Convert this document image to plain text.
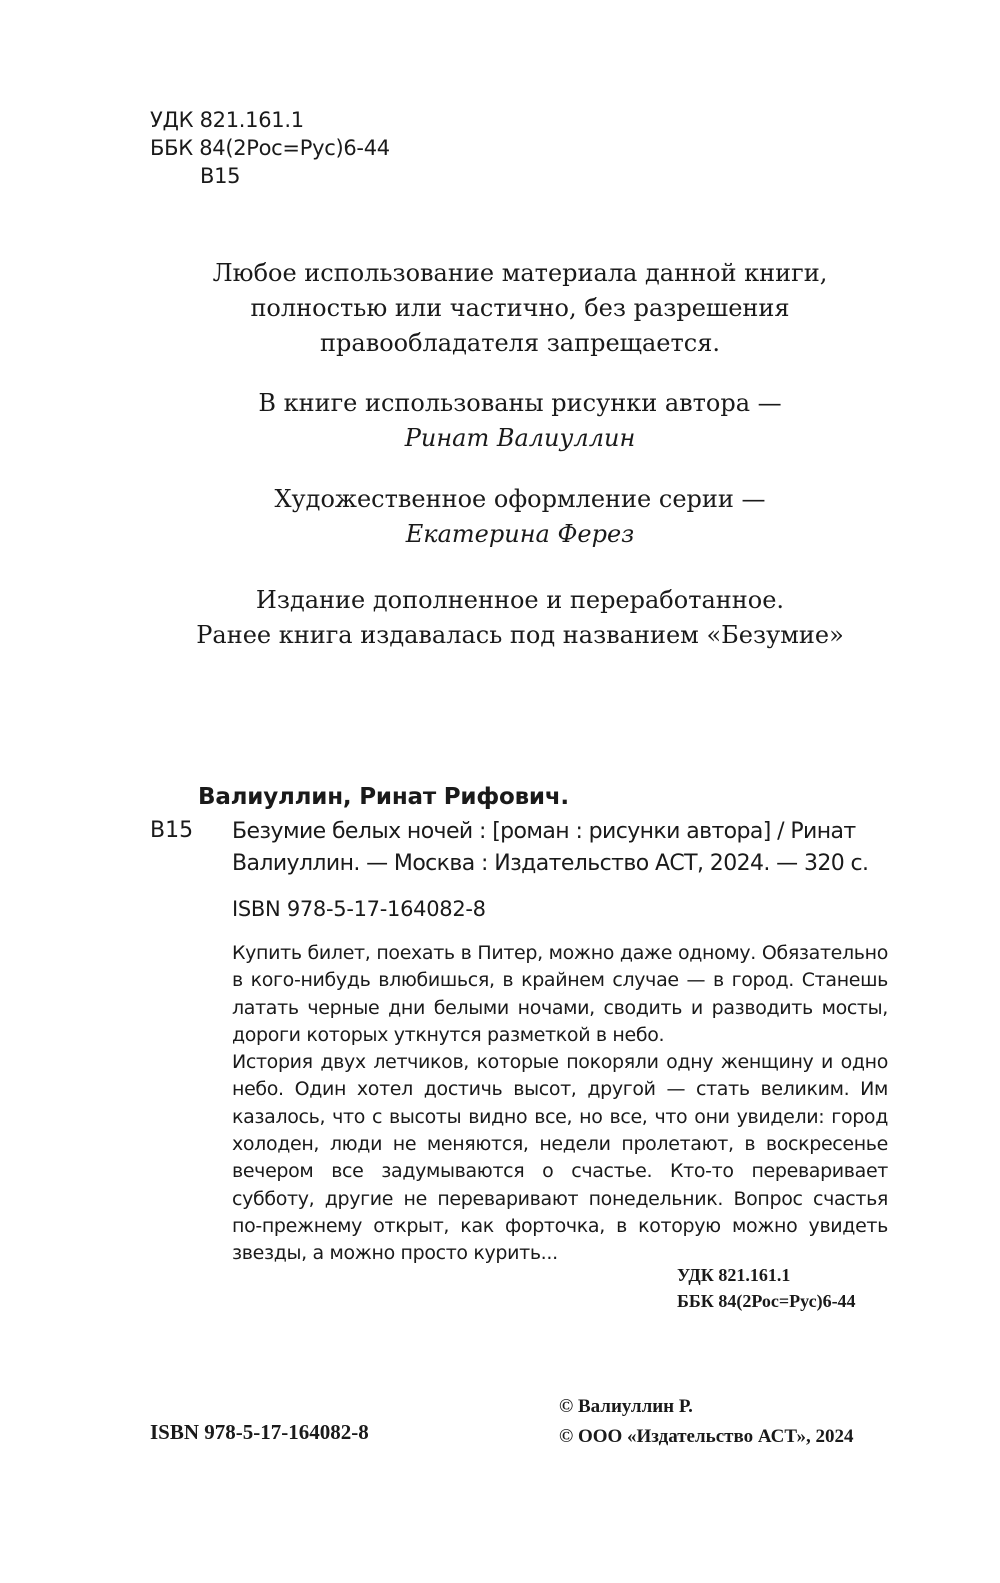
УДК 821.161.1
ББК 84(2Рос=Рус)6-44
В15
Любое использование материала данной книги,
полностью или частично, без разрешения
правообладателя запрещается.
В книге использованы рисунки автора —
Ринат Валиуллин
Художественное оформление серии —
Екатерина Ферез
Издание дополненное и переработанное.
Ранее книга издавалась под названием «Безумие»
Валиуллин, Ринат Рифович.
В15 Безумие белых ночей : [роман : рисунки автора] / Ринат Валиуллин. — Москва : Издательство АСТ, 2024. — 320 с.
ISBN 978-5-17-164082-8

Купить билет, поехать в Питер, можно даже одному. Обязательно в кого-нибудь влюбишься, в крайнем случае — в город. Станешь латать черные дни белыми ночами, сводить и разводить мосты, дороги которых уткнутся разметкой в небо.

История двух летчиков, которые покоряли одну женщину и одно небо. Один хотел достичь высот, другой — стать великим. Им казалось, что с высоты видно все, но все, что они увидели: город холоден, люди не меняются, недели пролетают, в воскресенье вечером все задумываются о счастье. Кто-то переваривает субботу, другие не переваривают понедельник. Вопрос счастья по-прежнему открыт, как форточка, в которую можно увидеть звезды, а можно просто курить...

УДК 821.161.1
ББК 84(2Рос=Рус)6-44
ISBN 978-5-17-164082-8
© Валиуллин Р.
© ООО «Издательство АСТ», 2024
